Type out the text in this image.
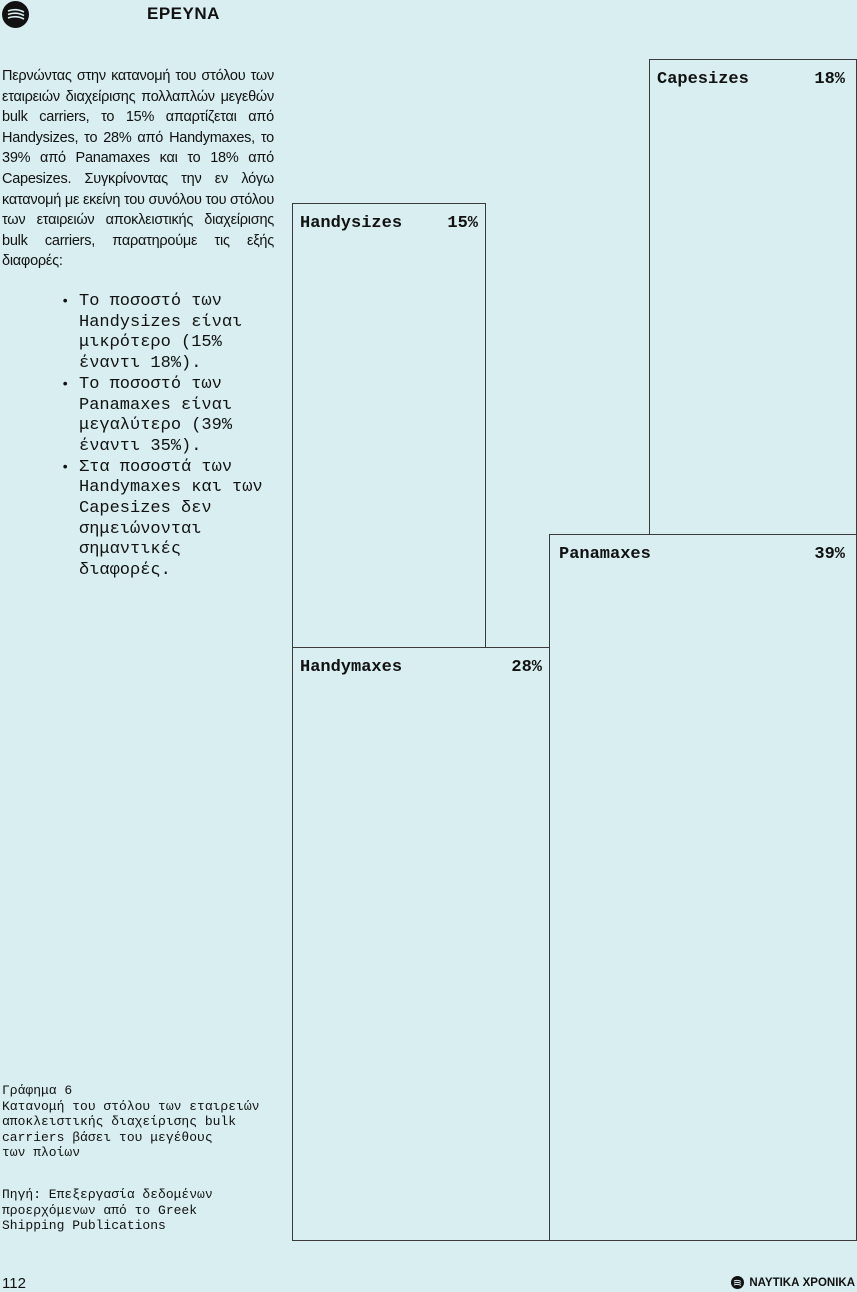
ΕΡΕΥΝΑ

Περνώντας στην κατανομή του στόλου των εταιρειών διαχείρισης πολλαπλών μεγεθών bulk carriers, το 15% απαρτίζεται από Handysizes, το 28% από Handymaxes, το 39% από Panamaxes και το 18% από Capesizes. Συγκρίνοντας την εν λόγω κατανομή με εκείνη του συνόλου του στόλου των εταιρειών αποκλειστικής διαχείρισης bulk carriers, παρατηρούμε τις εξής διαφορές:

• Το ποσοστό των Handysizes είναι μικρότερο (15% έναντι 18%).
• Το ποσοστό των Panamaxes είναι μεγαλύτερο (39% έναντι 35%).
• Στα ποσοστά των Handymaxes και των Capesizes δεν σημειώνονται σημαντικές διαφορές.
Handysizes	15%
Capesizes	18%
Handymaxes	28%
Panamaxes	39%
Γράφημα 6
Κατανομή του στόλου των εταιρειών
αποκλειστικής διαχείρισης bulk
carriers βάσει του μεγέθους
των πλοίων
Πηγή: Επεξεργασία δεδομένων
προερχόμενων από το Greek
Shipping Publications
112	ΝΑΥΤΙΚΑ ΧΡΟΝΙΚΑ
